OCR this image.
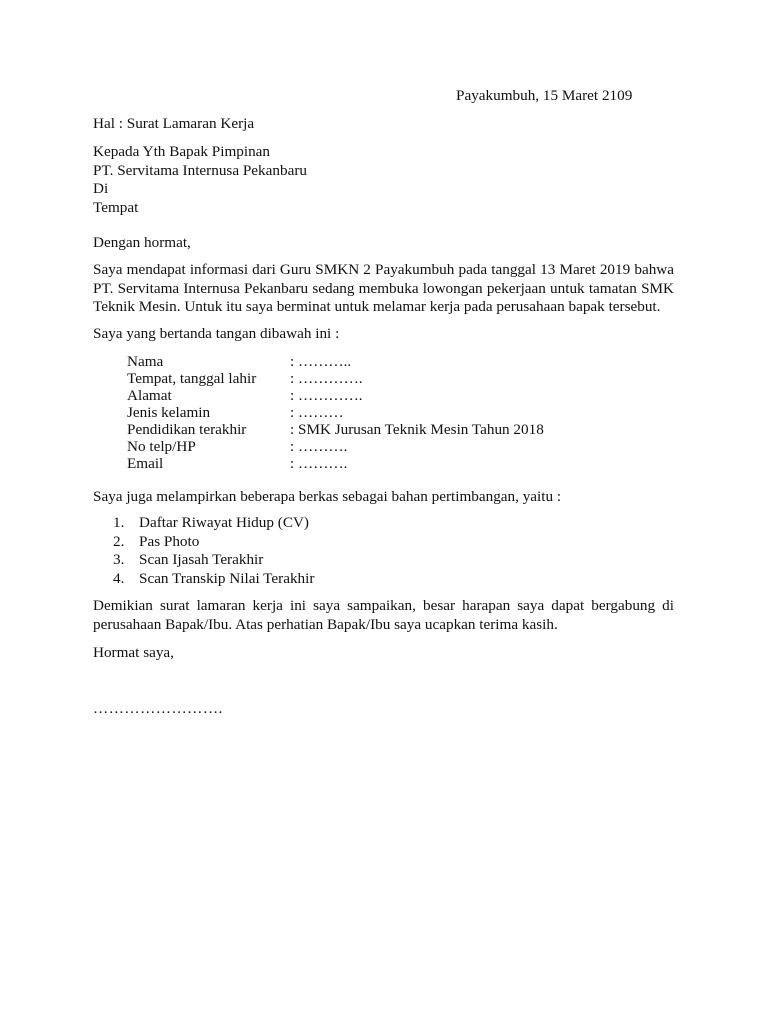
Payakumbuh, 15 Maret 2109
Hal : Surat Lamaran Kerja
Kepada Yth Bapak Pimpinan
PT. Servitama Internusa Pekanbaru
Di
Tempat
Dengan hormat,
Saya mendapat informasi dari Guru SMKN 2 Payakumbuh pada tanggal 13 Maret 2019 bahwa PT. Servitama Internusa Pekanbaru sedang membuka lowongan pekerjaan untuk tamatan SMK Teknik Mesin. Untuk itu saya berminat untuk melamar kerja pada perusahaan bapak tersebut.
Saya yang bertanda tangan dibawah ini :
Nama	: ………..
Tempat, tanggal lahir : ………….
Alamat	: ………….
Jenis kelamin	: ………
Pendidikan terakhir	: SMK Jurusan Teknik Mesin Tahun 2018
No telp/HP	: ……….
Email	: ……….
Saya juga melampirkan beberapa berkas sebagai bahan pertimbangan, yaitu :
1. Daftar Riwayat Hidup (CV)
2. Pas Photo
3. Scan Ijasah Terakhir
4. Scan Transkip Nilai Terakhir
Demikian surat lamaran kerja ini saya sampaikan, besar harapan saya dapat bergabung di perusahaan Bapak/Ibu. Atas perhatian Bapak/Ibu saya ucapkan terima kasih.
Hormat saya,
…………………….
